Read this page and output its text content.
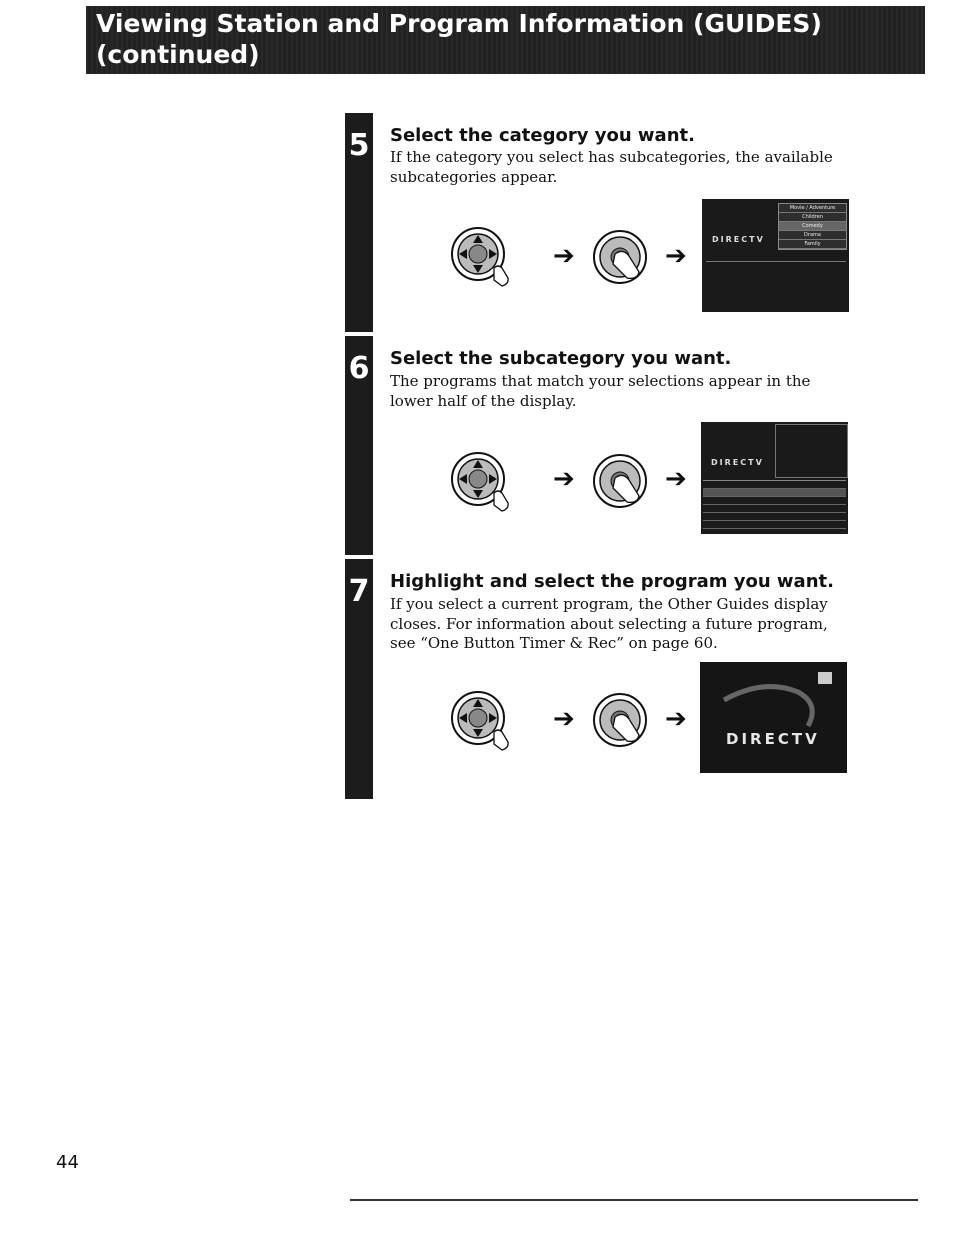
Viewing Station and Program Information (GUIDES)
(continued)
5
6
7
Select the category you want.
If the category you select has subcategories, the available subcategories appear.
Select the subcategory you want.
The programs that match your selections appear in the lower half of the display.
Highlight and select the program you want.
If you select a current program, the Other Guides display closes. For information about selecting a future program, see “One Button Timer & Rec” on page 60.
➔	➔
DIRECTV
Movie / Adventure
Children
Comedy
Drama
Family
➔	➔
DIRECTV
➔	➔
DIRECTV
44
